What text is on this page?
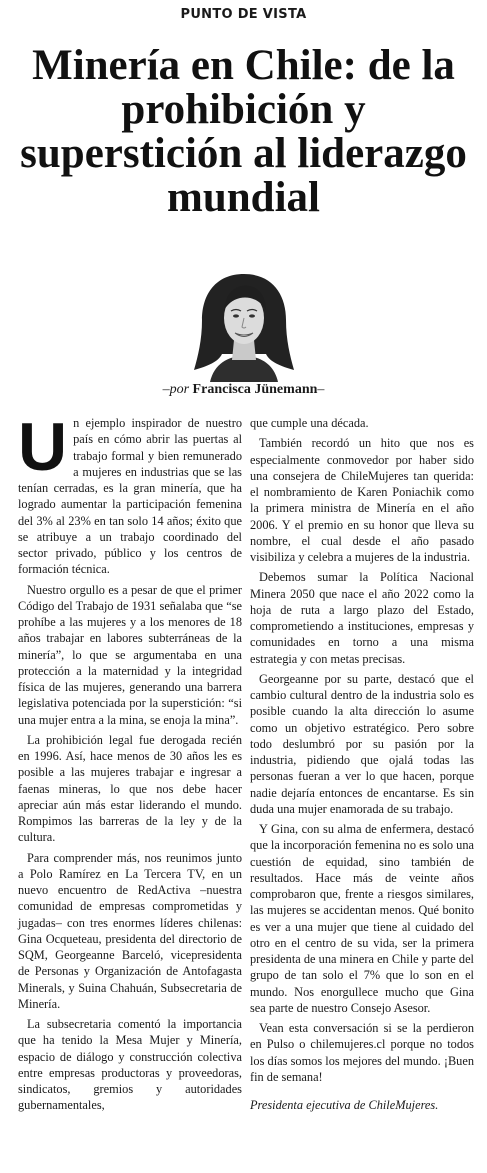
PUNTO DE VISTA
Minería en Chile: de la prohibición y superstición al liderazgo mundial
–por Francisca Jünemann–

Un ejemplo inspirador de nuestro país en cómo abrir las puertas al trabajo formal y bien remunerado a mujeres en industrias que se las tenían cerradas, es la gran minería, que ha logrado aumentar la participación femenina del 3% al 23% en tan solo 14 años; éxito que se atribuye a un trabajo coordinado del sector privado, público y los centros de formación técnica.

Nuestro orgullo es a pesar de que el primer Código del Trabajo de 1931 señalaba que “se prohíbe a las mujeres y a los menores de 18 años trabajar en labores subterráneas de la minería”, lo que se argumentaba en una protección a la maternidad y la integridad física de las mujeres, generando una barrera legislativa potenciada por la superstición: “si una mujer entra a la mina, se enoja la mina”.

La prohibición legal fue derogada recién en 1996. Así, hace menos de 30 años les es posible a las mujeres trabajar e ingresar a faenas mineras, lo que nos debe hacer apreciar aún más estar liderando el mundo. Rompimos las barreras de la ley y de la cultura.

Para comprender más, nos reunimos junto a Polo Ramírez en La Tercera TV, en un nuevo encuentro de RedActiva –nuestra comunidad de empresas comprometidas y jugadas– con tres enormes líderes chilenas: Gina Ocqueteau, presidenta del directorio de SQM, Georgeanne Barceló, vicepresidenta de Personas y Organización de Antofagasta Minerals, y Suina Chahuán, Subsecretaria de Minería.

La subsecretaria comentó la importancia que ha tenido la Mesa Mujer y Minería, espacio de diálogo y construcción colectiva entre empresas productoras y proveedoras, sindicatos, gremios y autoridades gubernamentales,

que cumple una década.

También recordó un hito que nos es especialmente conmovedor por haber sido una consejera de ChileMujeres tan querida: el nombramiento de Karen Poniachik como la primera ministra de Minería en el año 2006. Y el premio en su honor que lleva su nombre, el cual desde el año pasado visibiliza y celebra a mujeres de la industria.

Debemos sumar la Política Nacional Minera 2050 que nace el año 2022 como la hoja de ruta a largo plazo del Estado, comprometiendo a instituciones, empresas y comunidades en torno a una misma estrategia y con metas precisas.

Georgeanne por su parte, destacó que el cambio cultural dentro de la industria solo es posible cuando la alta dirección lo asume como un objetivo estratégico. Pero sobre todo deslumbró por su pasión por la industria, pidiendo que ojalá todas las personas fueran a ver lo que hacen, porque nadie dejaría entonces de encantarse. Es sin duda una mujer enamorada de su trabajo.

Y Gina, con su alma de enfermera, destacó que la incorporación femenina no es solo una cuestión de equidad, sino también de resultados. Hace más de veinte años comprobaron que, frente a riesgos similares, las mujeres se accidentan menos. Qué bonito es ver a una mujer que tiene al cuidado del otro en el centro de su vida, ser la primera presidenta de una minera en Chile y parte del grupo de tan solo el 7% que lo son en el mundo. Nos enorgullece mucho que Gina sea parte de nuestro Consejo Asesor.

Vean esta conversación si se la perdieron en Pulso o chilemujeres.cl porque no todos los días somos los mejores del mundo. ¡Buen fin de semana!

Presidenta ejecutiva de ChileMujeres.
